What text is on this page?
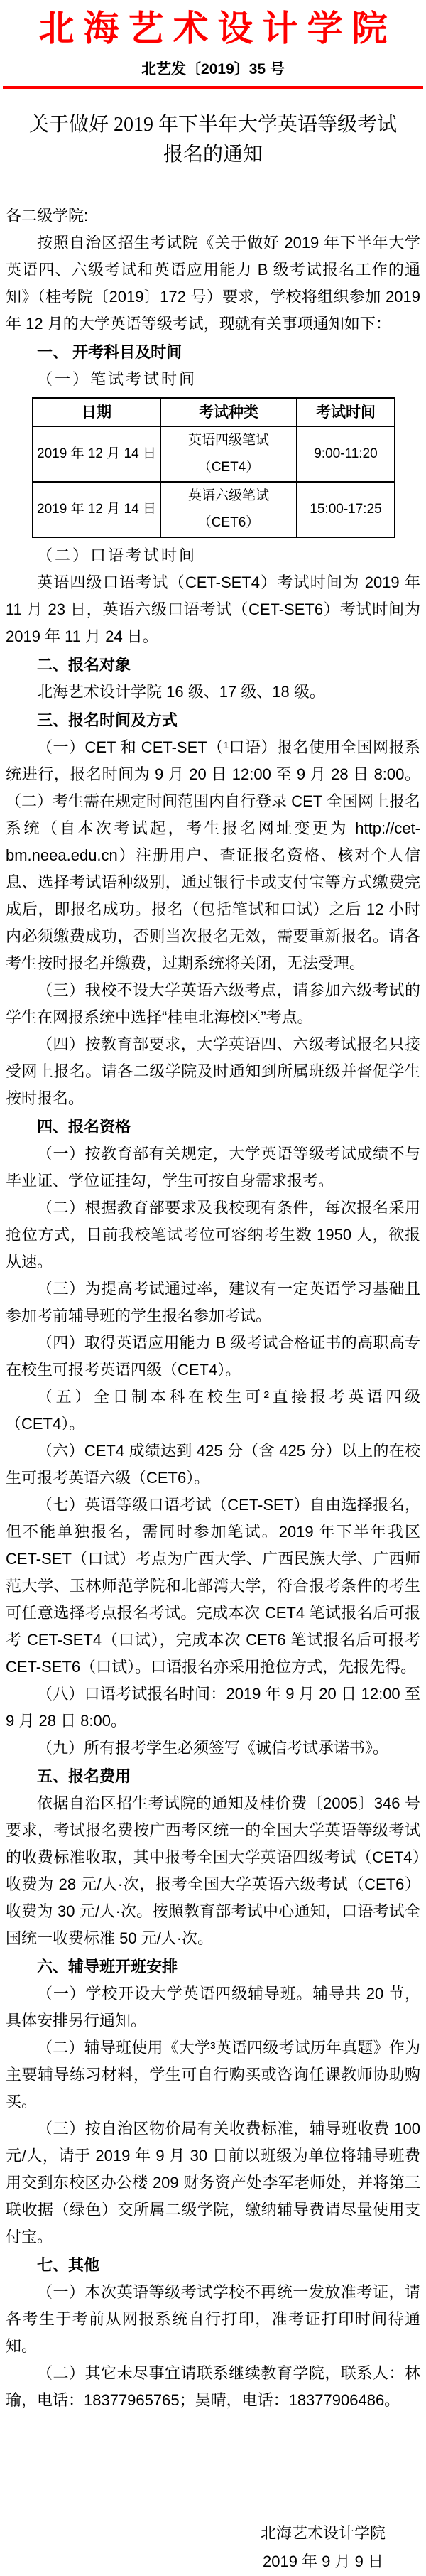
北海艺术设计学院
北艺发〔2019〕35 号
关于做好 2019 年下半年大学英语等级考试
报名的通知

各二级学院:

按照自治区招生考试院《关于做好 2019 年下半年大学英语四、六级考试和英语应用能力 B 级考试报名工作的通知》（桂考院〔2019〕172 号）要求，学校将组织参加 2019 年 12 月的大学英语等级考试，现就有关事项通知如下：

一、 开考科目及时间

（一）笔试考试时间

日期	考试种类	考试时间
2019 年 12 月 14 日	英语四级笔试（CET4）	9:00-11:20
2019 年 12 月 14 日	英语六级笔试（CET6）	15:00-17:25

（二）口语考试时间

英语四级口语考试（CET-SET4）考试时间为 2019 年 11 月 23 日，英语六级口语考试（CET-SET6）考试时间为 2019 年 11 月 24 日。

二、报名对象

北海艺术设计学院 16 级、17 级、18 级。

三、报名时间及方式

（一）CET 和 CET-SET（¹口语）报名使用全国网报系统进行，报名时间为 9 月 20 日 12:00 至 9 月 28 日 8:00。（二）考生需在规定时间范围内自行登录 CET 全国网上报名系统（自本次考试起，考生报名网址变更为 http://cet-bm.neea.edu.cn）注册用户、查证报名资格、核对个人信息、选择考试语种级别，通过银行卡或支付宝等方式缴费完成后，即报名成功。报名（包括笔试和口试）之后 12 小时内必须缴费成功，否则当次报名无效，需要重新报名。请各考生按时报名并缴费，过期系统将关闭，无法受理。

（三）我校不设大学英语六级考点，请参加六级考试的学生在网报系统中选择“桂电北海校区”考点。

（四）按教育部要求，大学英语四、六级考试报名只接受网上报名。请各二级学院及时通知到所属班级并督促学生按时报名。

四、报名资格

（一）按教育部有关规定，大学英语等级考试成绩不与毕业证、学位证挂勾，学生可按自身需求报考。

（二）根据教育部要求及我校现有条件，每次报名采用抢位方式，目前我校笔试考位可容纳考生数 1950 人，欲报从速。

（三）为提高考试通过率，建议有一定英语学习基础且参加考前辅导班的学生报名参加考试。

（四）取得英语应用能力 B 级考试合格证书的高职高专在校生可报考英语四级（CET4）。

（五）全日制本科在校生可²直接报考英语四级（CET4）。

（六）CET4 成绩达到 425 分（含 425 分）以上的在校生可报考英语六级（CET6）。

（七）英语等级口语考试（CET-SET）自由选择报名，但不能单独报名，需同时参加笔试。2019 年下半年我区 CET-SET（口试）考点为广西大学、广西民族大学、广西师范大学、玉林师范学院和北部湾大学，符合报考条件的考生可任意选择考点报名考试。完成本次 CET4 笔试报名后可报考 CET-SET4（口试），完成本次 CET6 笔试报名后可报考 CET-SET6（口试）。口语报名亦采用抢位方式，先报先得。

（八）口语考试报名时间：2019 年 9 月 20 日 12:00 至 9 月 28 日 8:00。

（九）所有报考学生必须签写《诚信考试承诺书》。

五、报名费用

依据自治区招生考试院的通知及桂价费〔2005〕346 号要求，考试报名费按广西考区统一的全国大学英语等级考试的收费标准收取，其中报考全国大学英语四级考试（CET4）收费为 28 元/人·次，报考全国大学英语六级考试（CET6）收费为 30 元/人·次。按照教育部考试中心通知，口语考试全国统一收费标准 50 元/人·次。

六、辅导班开班安排

（一）学校开设大学英语四级辅导班。辅导共 20 节，具体安排另行通知。

（二）辅导班使用《大学³英语四级考试历年真题》作为主要辅导练习材料，学生可自行购买或咨询任课教师协助购买。

（三）按自治区物价局有关收费标准，辅导班收费 100 元/人，请于 2019 年 9 月 30 日前以班级为单位将辅导班费用交到东校区办公楼 209 财务资产处李军老师处，并将第三联收据（绿色）交所属二级学院，缴纳辅导费请尽量使用支付宝。

七、其他

（一）本次英语等级考试学校不再统一发放准考证，请各考生于考前从网报系统自行打印，准考证打印时间待通知。

（二）其它未尽事宜请联系继续教育学院，联系人：林瑜，电话：18377965765；吴晴，电话：18377906486。

北海艺术设计学院
2019 年 9 月 9 日
